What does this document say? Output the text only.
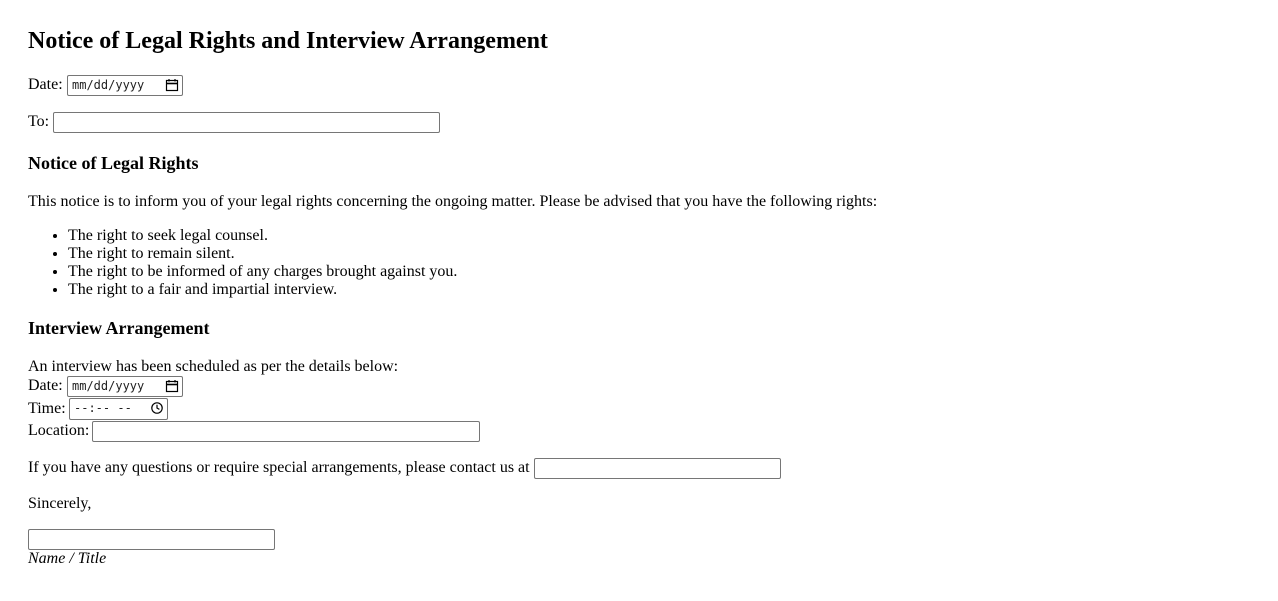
Notice of Legal Rights and Interview Arrangement
Date: mm/dd/yyyy
To:
Notice of Legal Rights
This notice is to inform you of your legal rights concerning the ongoing matter. Please be advised that you have the following rights:
• The right to seek legal counsel.
• The right to remain silent.
• The right to be informed of any charges brought against you.
• The right to a fair and impartial interview.
Interview Arrangement
An interview has been scheduled as per the details below:
Date: mm/dd/yyyy
Time: --:-- --
Location:
If you have any questions or require special arrangements, please contact us at
Sincerely,
Name / Title
